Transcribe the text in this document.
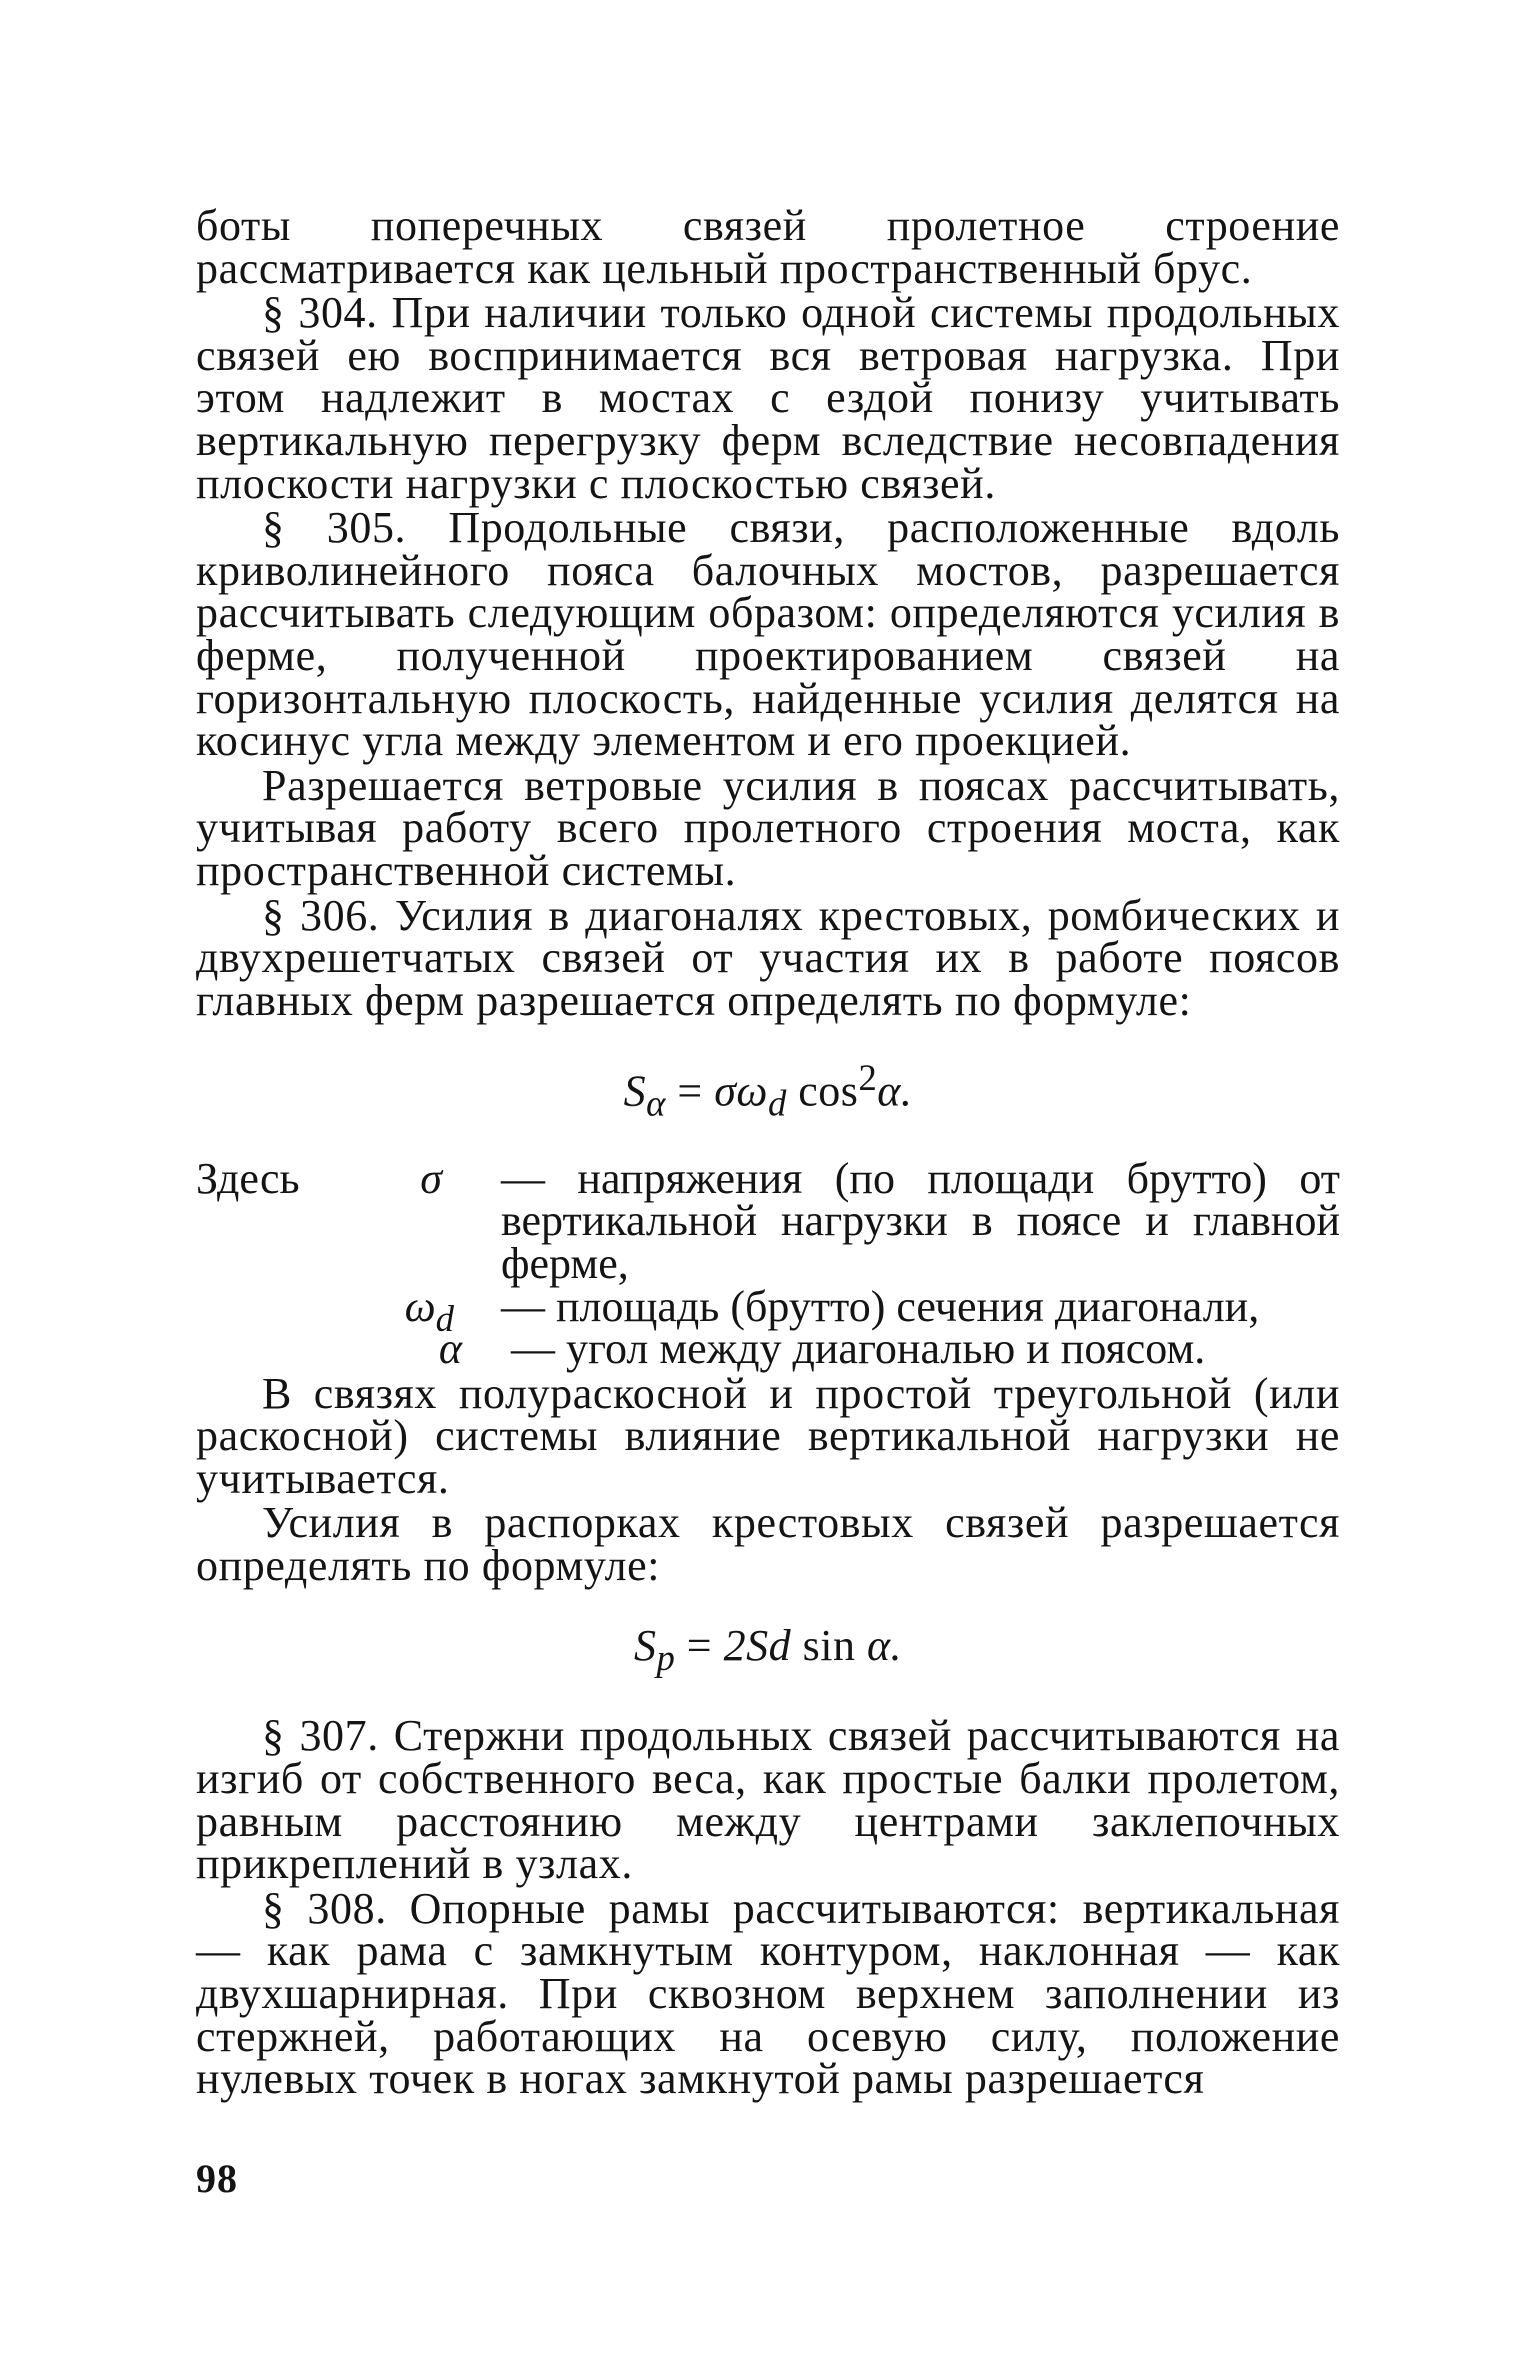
боты поперечных связей пролетное строение рассматривается как цельный пространственный брус.

§ 304. При наличии только одной системы продольных связей ею воспринимается вся ветровая нагрузка. При этом надлежит в мостах с ездой понизу учитывать вертикальную перегрузку ферм вследствие несовпадения плоскости нагрузки с плоскостью связей.

§ 305. Продольные связи, расположенные вдоль криволинейного пояса балочных мостов, разрешается рассчитывать следующим образом: определяются усилия в ферме, полученной проектированием связей на горизонтальную плоскость, найденные усилия делятся на косинус угла между элементом и его проекцией.

Разрешается ветровые усилия в поясах рассчитывать, учитывая работу всего пролетного строения моста, как пространственной системы.

§ 306. Усилия в диагоналях крестовых, ромбических и двухрешетчатых связей от участия их в работе поясов главных ферм разрешается определять по формуле:

$S_\alpha = \sigma\omega_d$ $\cos^2\alpha$.
Здесь	σ — напряжения (по площади брутто) от вертикальной нагрузки в поясе и главной ферме,
$\omega_d$ — площадь (брутто) сечения диагонали,
α — угол между диагональю и поясом.

В связях полураскосной и простой треугольной (или раскосной) системы влияние вертикальной нагрузки не учитывается.

Усилия в распорках крестовых связей разрешается определять по формуле:

$S_p = 2Sd$ sin α.

§ 307. Стержни продольных связей рассчитываются на изгиб от собственного веса, как простые балки пролетом, равным расстоянию между центрами заклепочных прикреплений в узлах.

§ 308. Опорные рамы рассчитываются: вертикальная — как рама с замкнутым контуром, наклонная — как двухшарнирная. При сквозном верхнем заполнении из стержней, работающих на осевую силу, положение нулевых точек в ногах замкнутой рамы разрешается

98
